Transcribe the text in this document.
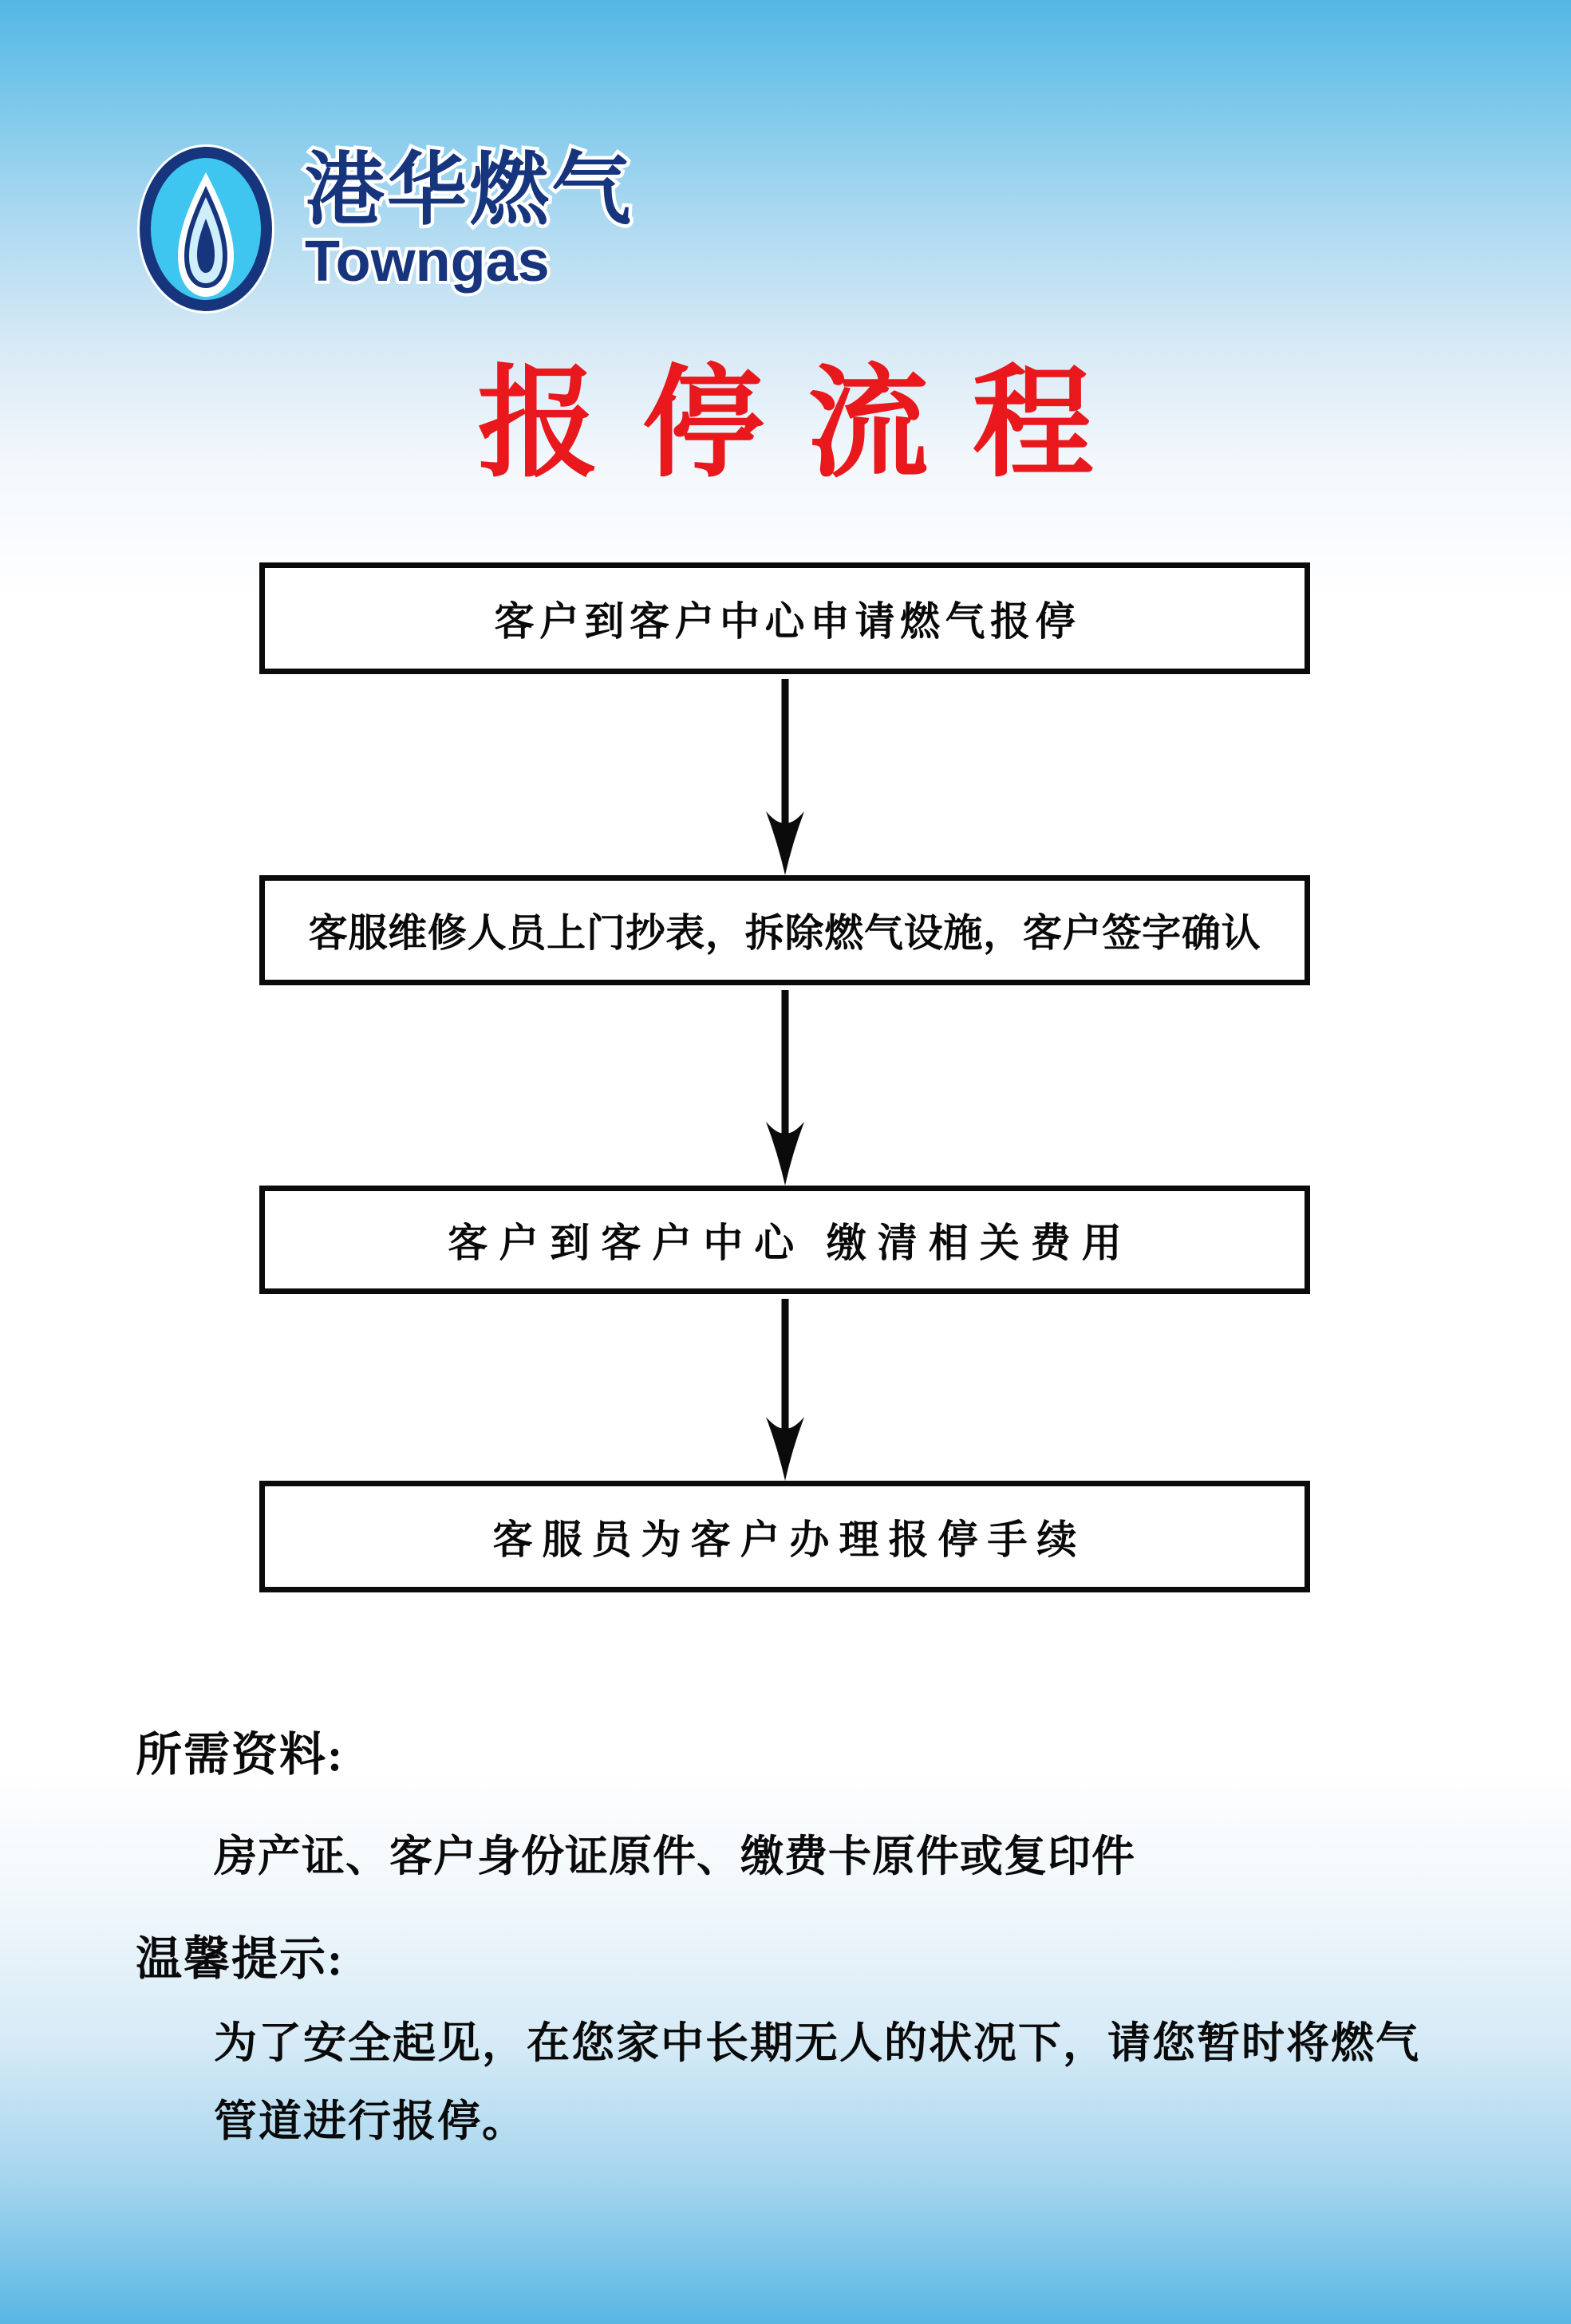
港华燃气
Towngas
报停流程
客户到客户中心申请燃气报停
客服维修人员上门抄表，拆除燃气设施，客户签字确认
客户到客户中心 缴清相关费用
客服员为客户办理报停手续
所需资料:
房产证、客户身份证原件、缴费卡原件或复印件
温馨提示:
为了安全起见，在您家中长期无人的状况下，请您暂时将燃气管道进行报停。
